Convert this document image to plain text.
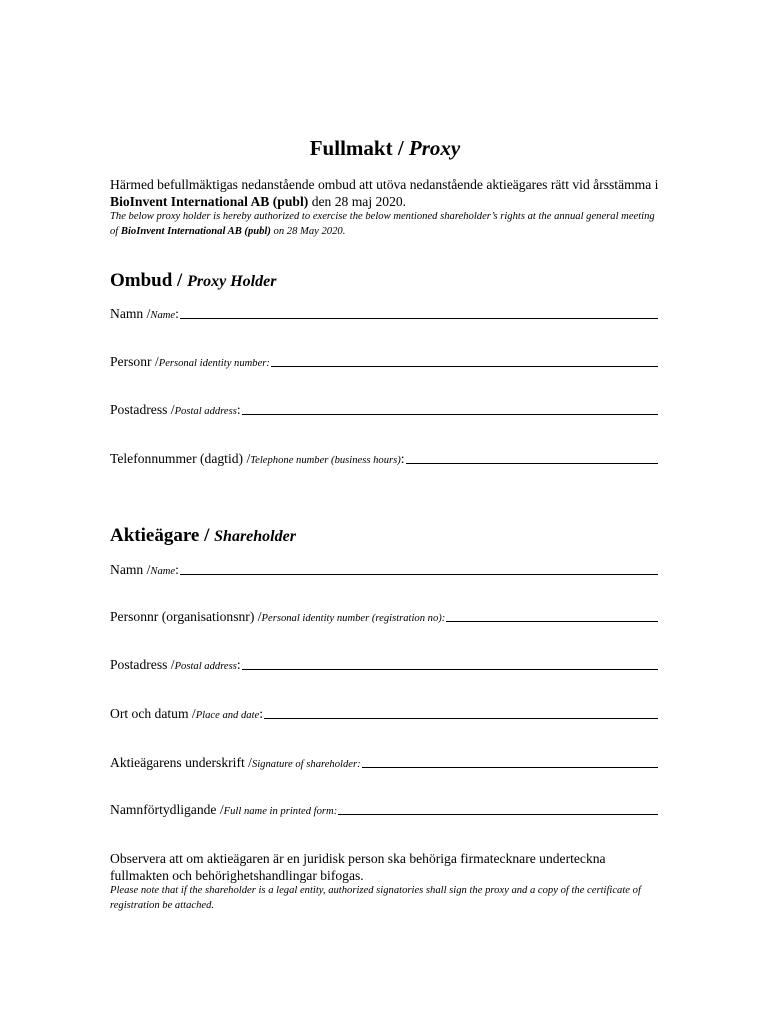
Fullmakt / Proxy
Härmed befullmäktigas nedanstående ombud att utöva nedanstående aktieägares rätt vid årsstämma i BioInvent International AB (publ) den 28 maj 2020.
The below proxy holder is hereby authorized to exercise the below mentioned shareholder’s rights at the annual general meeting of BioInvent International AB (publ) on 28 May 2020.
Ombud / Proxy Holder
Namn / Name :
Personr / Personal identity number:
Postadress / Postal address :
Telefonnummer (dagtid) / Telephone number (business hours) :
Aktieägare / Shareholder
Namn / Name :
Personnr (organisationsnr) / Personal identity number (registration no):
Postadress / Postal address :
Ort och datum / Place and date :
Aktieägarens underskrift / Signature of shareholder:
Namnförtydligande / Full name in printed form:
Observera att om aktieägaren är en juridisk person ska behöriga firmatecknare underteckna fullmakten och behörighetshandlingar bifogas.
Please note that if the shareholder is a legal entity, authorized signatories shall sign the proxy and a copy of the certificate of registration be attached.
